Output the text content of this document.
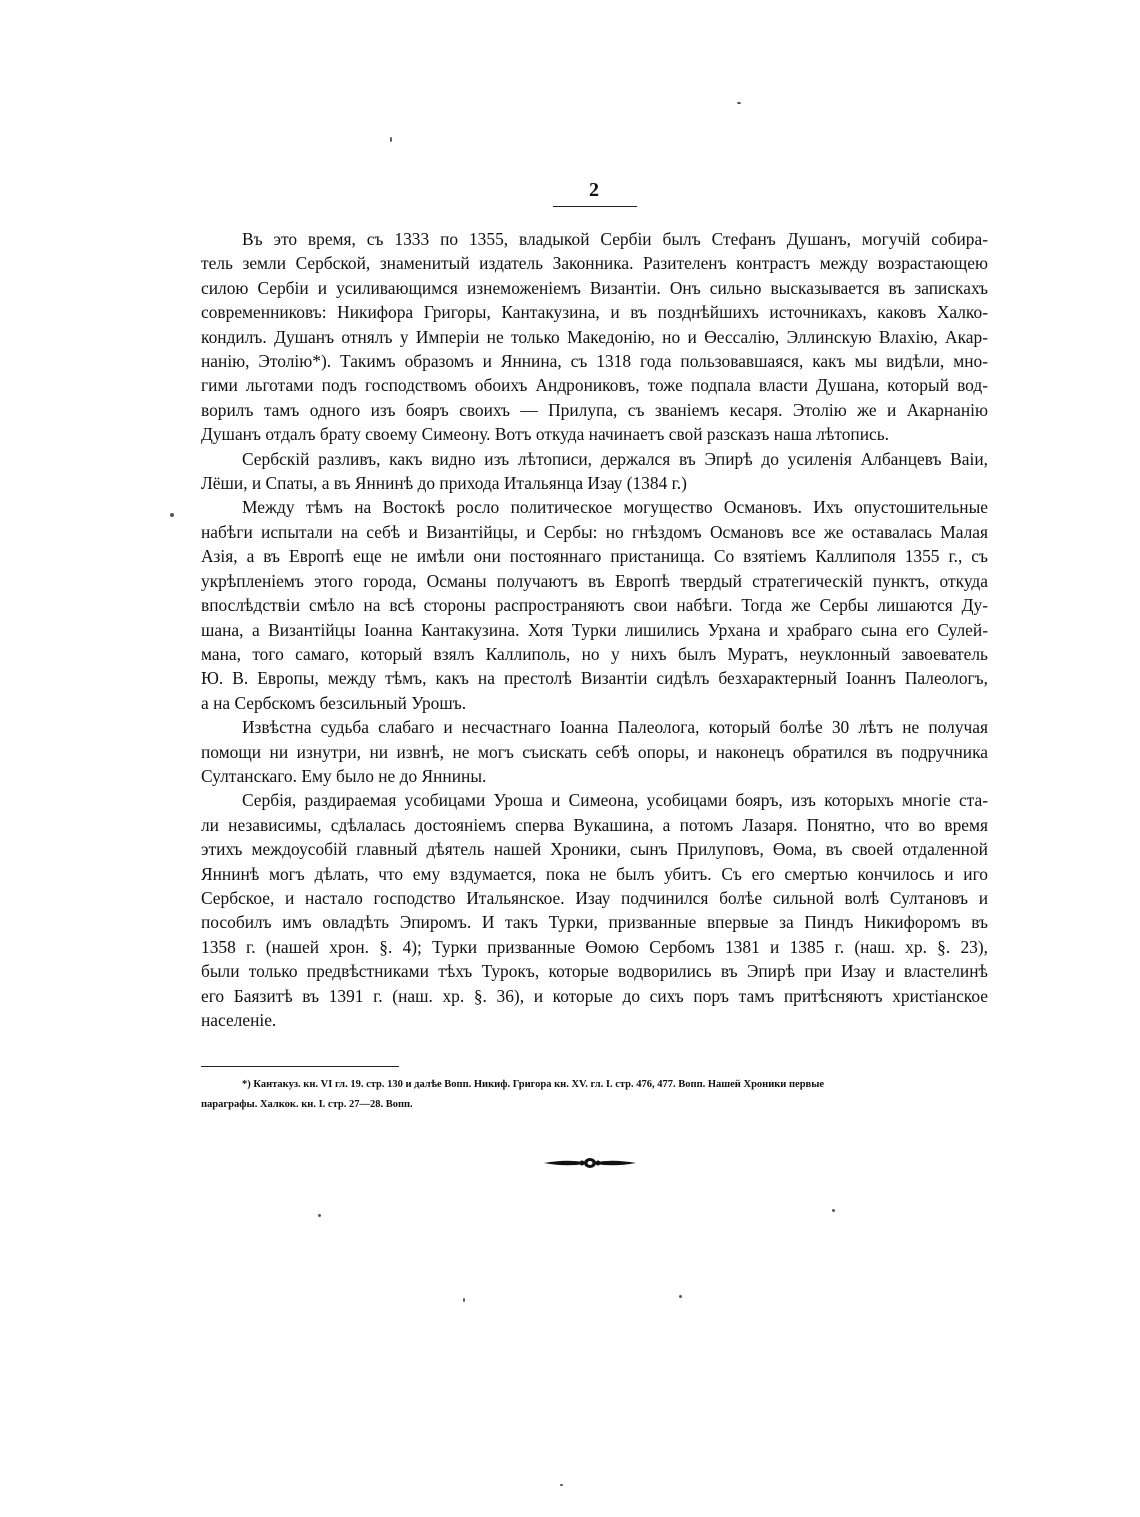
2

Въ это время, съ 1333 по 1355, владыкой Сербіи былъ Стефанъ Душанъ, могучій собира-
тель земли Сербской, знаменитый издатель Законника. Разителенъ контрастъ между возрастающею
силою Сербіи и усиливающимся изнеможеніемъ Византіи. Онъ сильно высказывается въ запискахъ
современниковъ: Никифора Григоры, Кантакузина, и въ позднѣйшихъ источникахъ, каковъ Халко-
кондилъ. Душанъ отнялъ у Имперіи не только Македонію, но и Өессалію, Эллинскую Влахію, Акар-
нанію, Этолію*). Такимъ образомъ и Яннина, съ 1318 года пользовавшаяся, какъ мы видѣли, мно-
гими льготами подъ господствомъ обоихъ Андрониковъ, тоже подпала власти Душана, который вод-
ворилъ тамъ одного изъ бояръ своихъ — Прилупа, съ званіемъ кесаря. Этолію же и Акарнанію
Душанъ отдалъ брату своему Симеону. Вотъ откуда начинаетъ свой разсказъ наша лѣтопись.

Сербскій разливъ, какъ видно изъ лѣтописи, держался въ Эпирѣ до усиленія Албанцевъ Ваіи,
Лёши, и Спаты, а въ Яннинѣ до прихода Итальянца Изау (1384 г.)

Между тѣмъ на Востокѣ росло политическое могущество Османовъ. Ихъ опустошительные
набѣги испытали на себѣ и Византійцы, и Сербы: но гнѣздомъ Османовъ все же оставалась Малая
Азія, а въ Европѣ еще не имѣли они постояннаго пристанища. Со взятіемъ Каллиполя 1355 г., съ
укрѣпленіемъ этого города, Османы получаютъ въ Европѣ твердый стратегическій пунктъ, откуда
впослѣдствіи смѣло на всѣ стороны распространяютъ свои набѣги. Тогда же Сербы лишаются Ду-
шана, а Византійцы Іоанна Кантакузина. Хотя Турки лишились Урхана и храбраго сына его Сулей-
мана, того самаго, который взялъ Каллиполь, но у нихъ былъ Муратъ, неуклонный завоеватель
Ю. В. Европы, между тѣмъ, какъ на престолѣ Византіи сидѣлъ безхарактерный Іоаннъ Палеологъ,
а на Сербскомъ безсильный Урошъ.

Извѣстна судьба слабаго и несчастнаго Іоанна Палеолога, который болѣе 30 лѣтъ не получая
помощи ни изнутри, ни извнѣ, не могъ съискать себѣ опоры, и наконецъ обратился въ подручника
Султанскаго. Ему было не до Яннины.

Сербія, раздираемая усобицами Уроша и Симеона, усобицами бояръ, изъ которыхъ многіе ста-
ли независимы, сдѣлалась достояніемъ сперва Вукашина, а потомъ Лазаря. Понятно, что во время
этихъ междоусобій главный дѣятель нашей Хроники, сынъ Прилуповъ, Өома, въ своей отдаленной
Яннинѣ могъ дѣлать, что ему вздумается, пока не былъ убитъ. Съ его смертью кончилось и иго
Сербское, и настало господство Итальянское. Изау подчинился болѣе сильной волѣ Султановъ и
пособилъ имъ овладѣть Эпиромъ. И такъ Турки, призванные впервые за Пиндъ Никифоромъ въ
1358 г. (нашей хрон. §. 4); Турки призванные Өомою Сербомъ 1381 и 1385 г. (наш. хр. §. 23),
были только предвѣстниками тѣхъ Турокъ, которые водворились въ Эпирѣ при Изау и властелинѣ
его Баязитѣ въ 1391 г. (наш. хр. §. 36), и которые до сихъ поръ тамъ притѣсняютъ христіанское
населеніе.

*) Кантакуз. кн. VI гл. 19. стр. 130 и далѣе Вопп. Никиф. Григора кн. XV. гл. I. стр. 476, 477. Вопп. Нашей Хроники первые
параграфы. Халкок. кн. I. стр. 27—28. Вопп.
